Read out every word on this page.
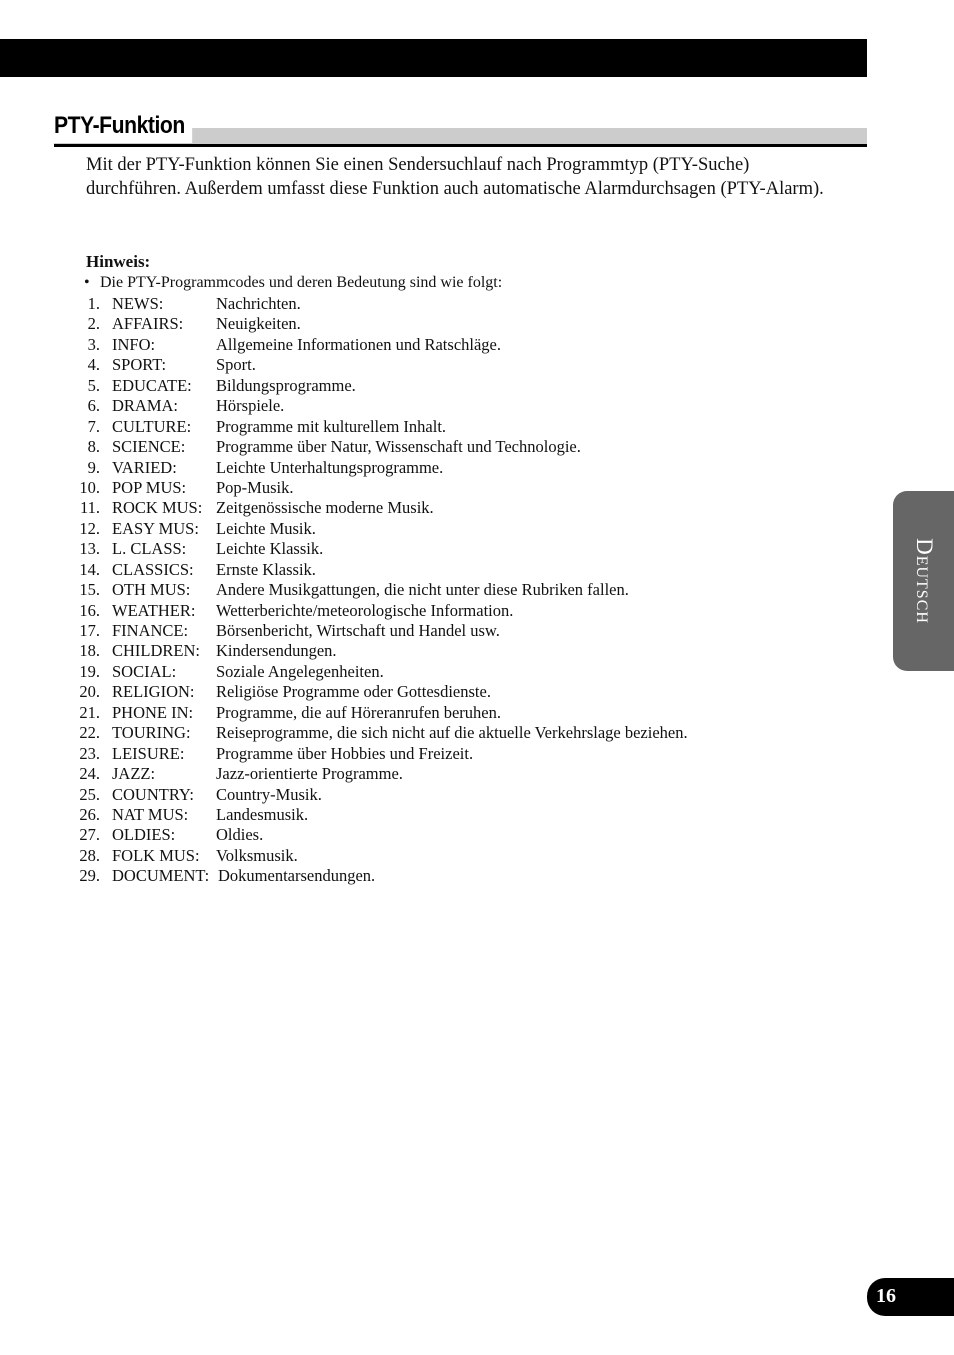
PTY-Funktion

Mit der PTY-Funktion können Sie einen Sendersuchlauf nach Programmtyp (PTY-Suche) durchführen. Außerdem umfasst diese Funktion auch automatische Alarmdurchsagen (PTY-Alarm).

Hinweis:

• Die PTY-Programmcodes und deren Bedeutung sind wie folgt:

1. NEWS:	Nachrichten.
2. AFFAIRS:	Neuigkeiten.
3. INFO:	Allgemeine Informationen und Ratschläge.
4. SPORT:	Sport.
5. EDUCATE:	Bildungsprogramme.
6. DRAMA:	Hörspiele.
7. CULTURE:	Programme mit kulturellem Inhalt.
8. SCIENCE:	Programme über Natur, Wissenschaft und Technologie.
9. VARIED:	Leichte Unterhaltungsprogramme.
10. POP MUS:	Pop-Musik.
11. ROCK MUS: Zeitgenössische moderne Musik.
12. EASY MUS:	Leichte Musik.
13. L. CLASS:	Leichte Klassik.
14. CLASSICS:	Ernste Klassik.
15. OTH MUS:	Andere Musikgattungen, die nicht unter diese Rubriken fallen.
16. WEATHER:	Wetterberichte/meteorologische Information.
17. FINANCE:	Börsenbericht, Wirtschaft und Handel usw.
18. CHILDREN: Kindersendungen.
19. SOCIAL:	Soziale Angelegenheiten.
20. RELIGION:	Religiöse Programme oder Gottesdienste.
21. PHONE IN:	Programme, die auf Höreranrufen beruhen.
22. TOURING:	Reiseprogramme, die sich nicht auf die aktuelle Verkehrslage beziehen.
23. LEISURE:	Programme über Hobbies und Freizeit.
24. JAZZ:	Jazz-orientierte Programme.
25. COUNTRY:	Country-Musik.
26. NAT MUS:	Landesmusik.
27. OLDIES:	Oldies.
28. FOLK MUS: Volksmusik.
29. DOCUMENT: Dokumentarsendungen.
Deutsch
16
